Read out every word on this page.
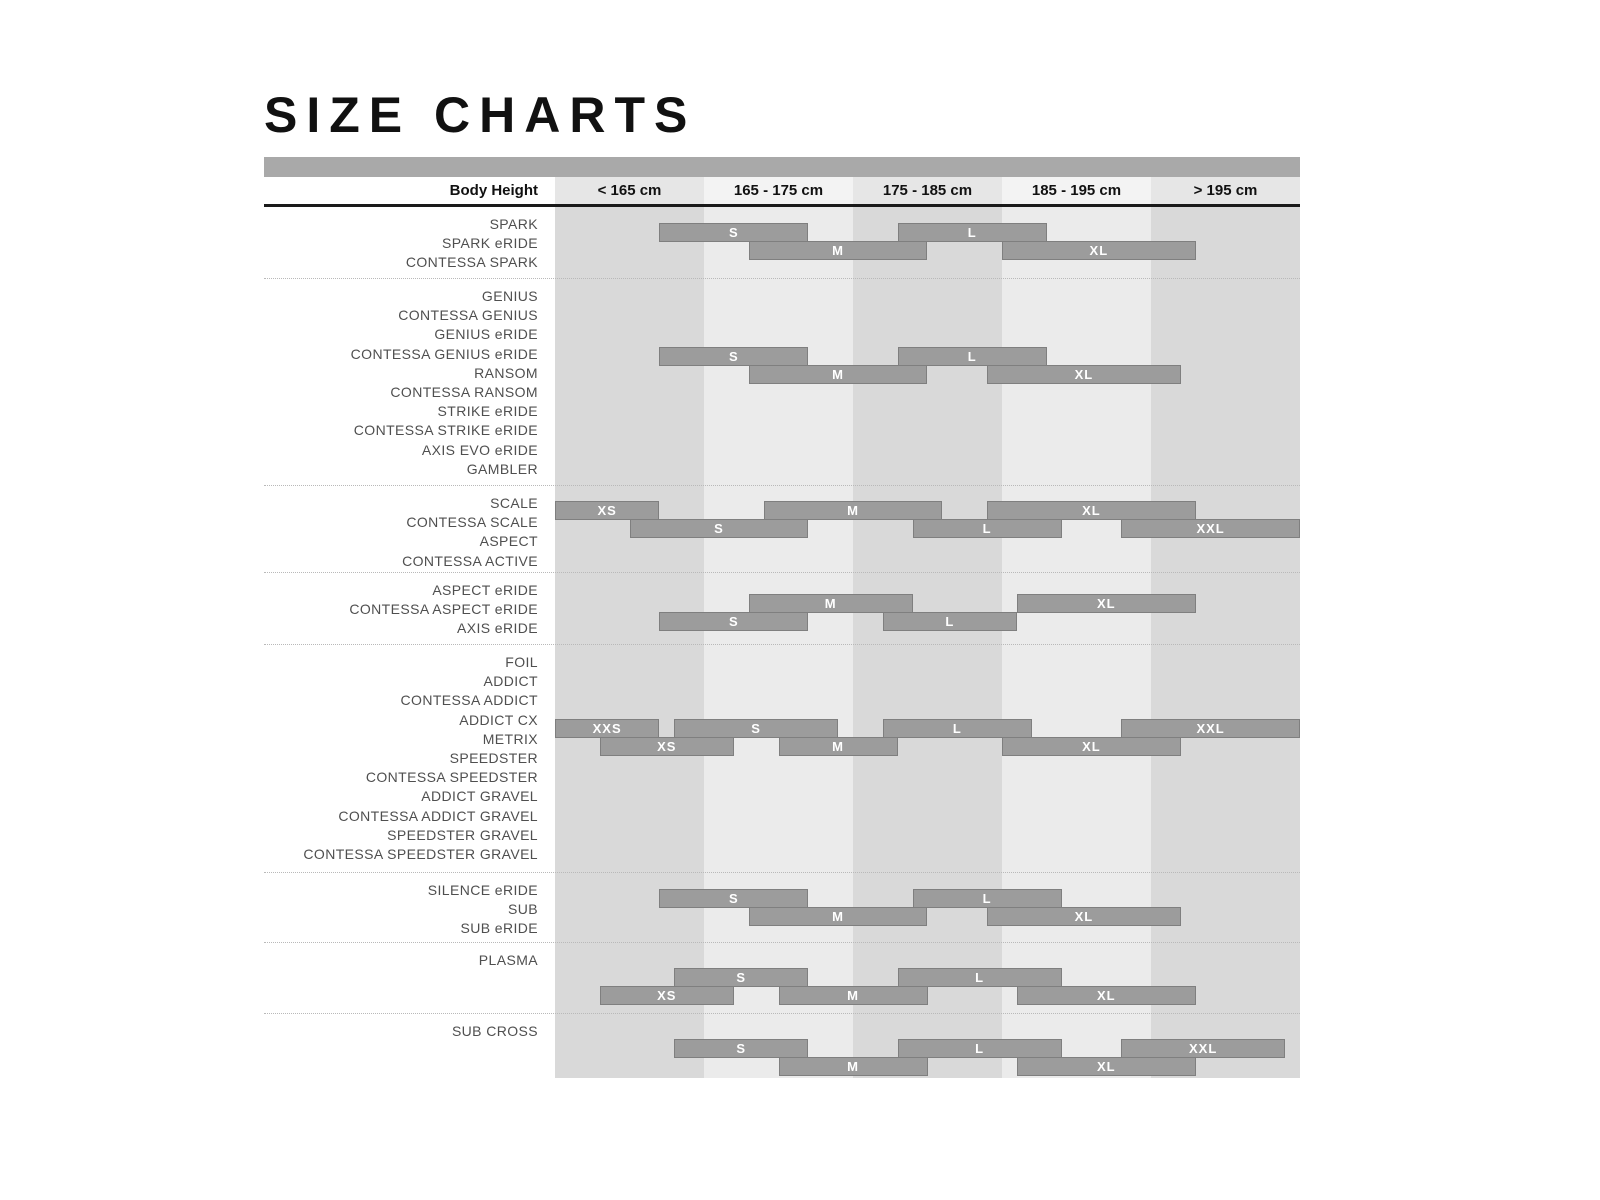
SIZE CHARTS
Body Height	< 165 cm	165 - 175 cm	175 - 185 cm	185 - 195 cm	> 195 cm
SPARK
SPARK eRIDE
CONTESSA SPARK
S	L
M	XL
GENIUS
CONTESSA GENIUS
GENIUS eRIDE
CONTESSA GENIUS eRIDE
RANSOM
CONTESSA RANSOM
STRIKE eRIDE
CONTESSA STRIKE eRIDE
AXIS EVO eRIDE
GAMBLER
S	L
M	XL
SCALE
CONTESSA SCALE
ASPECT
CONTESSA ACTIVE
XS	M	XL
S	L	XXL
ASPECT eRIDE
CONTESSA ASPECT eRIDE
AXIS eRIDE
M	XL
S	L
FOIL
ADDICT
CONTESSA ADDICT
ADDICT CX
METRIX
SPEEDSTER
CONTESSA SPEEDSTER
ADDICT GRAVEL
CONTESSA ADDICT GRAVEL
SPEEDSTER GRAVEL
CONTESSA SPEEDSTER GRAVEL
XXS	S	L	XXL
XS	M	XL
SILENCE eRIDE
SUB
SUB eRIDE
S	L
M	XL
PLASMA
S	L
XS	M	XL
SUB CROSS
S	L	XXL
M	XL
